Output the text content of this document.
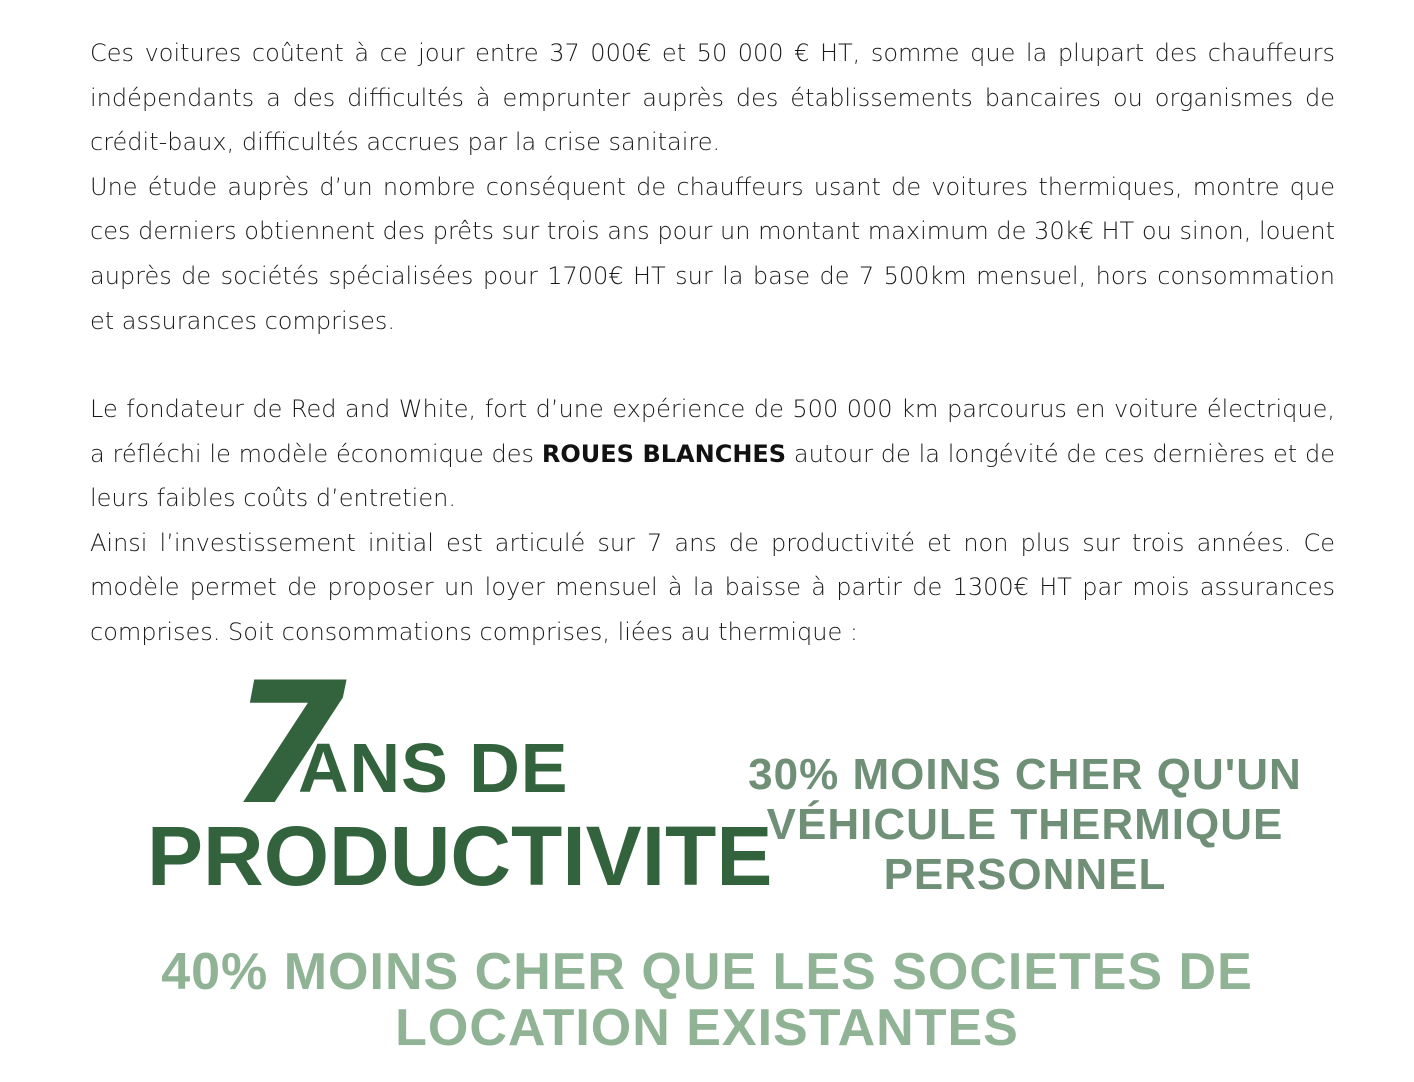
Ces voitures coûtent à ce jour entre 37 000€ et 50 000 € HT, somme que la plupart des chauffeurs indépendants a des difficultés à emprunter auprès des établissements bancaires ou organismes de crédit-baux, difficultés accrues par la crise sanitaire.

Une étude auprès d’un nombre conséquent de chauffeurs usant de voitures thermiques, montre que ces derniers obtiennent des prêts sur trois ans pour un montant maximum de 30k€ HT ou sinon, louent auprès de sociétés spécialisées pour 1700€ HT sur la base de 7 500km mensuel, hors consommation et assurances comprises.

Le fondateur de Red and White, fort d’une expérience de 500 000 km parcourus en voiture électrique, a réfléchi le modèle économique des ROUES BLANCHES autour de la longévité de ces dernières et de leurs faibles coûts d’entretien.

Ainsi l’investissement initial est articulé sur 7 ans de productivité et non plus sur trois années. Ce modèle permet de proposer un loyer mensuel à la baisse à partir de 1300€ HT par mois assurances comprises. Soit consommations comprises, liées au thermique :

7
ANS DE
PRODUCTIVITE
30% MOINS CHER QU'UN VÉHICULE THERMIQUE PERSONNEL
40% MOINS CHER QUE LES SOCIETES DE LOCATION EXISTANTES
